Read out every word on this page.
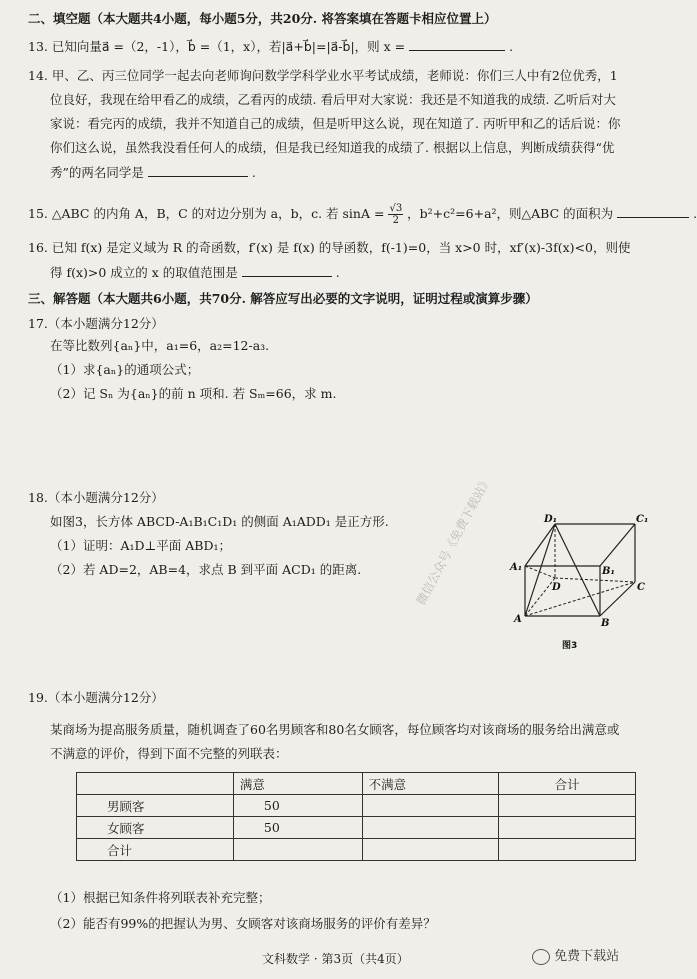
二、填空题（本大题共4小题，每小题5分，共20分. 将答案填在答题卡相应位置上）
13. 已知向量a⃗ =（2，-1），b⃗ =（1，x），若|a⃗+b⃗|=|a⃗-b⃗|，则 x =	.
14. 甲、乙、丙三位同学一起去向老师询问数学学科学业水平考试成绩，老师说：你们三人中有2位优秀，1
位良好，我现在给甲看乙的成绩，乙看丙的成绩. 看后甲对大家说：我还是不知道我的成绩. 乙听后对大
家说：看完丙的成绩，我并不知道自己的成绩，但是听甲这么说，现在知道了. 丙听甲和乙的话后说：你
你们这么说，虽然我没看任何人的成绩，但是我已经知道我的成绩了. 根据以上信息，判断成绩获得“优
秀”的两名同学是	.
15. △ABC 的内角 A，B，C 的对边分别为 a，b，c. 若 $\sin A = \frac{√3}{2}$ ，b²+c²=6+a²，则△ABC 的面积为	.
16. 已知 f(x) 是定义域为 R 的奇函数，f′(x) 是 f(x) 的导函数，f(-1)=0，当 x>0 时，xf′(x)-3f(x)<0，则使
得 f(x)>0 成立的 x 的取值范围是	.
三、解答题（本大题共6小题，共70分. 解答应写出必要的文字说明，证明过程或演算步骤）
17.（本小题满分12分）
在等比数列{aₙ}中，a₁=6，a₂=12-a₃.
（1）求{aₙ}的通项公式；
（2）记 Sₙ 为{aₙ}的前 n 项和. 若 Sₘ=66，求 m.
18.（本小题满分12分）
如图3，长方体 ABCD-A₁B₁C₁D₁ 的侧面 A₁ADD₁ 是正方形.
（1）证明：A₁D⊥平面 ABD₁；
（2）若 AD=2，AB=4，求点 B 到平面 ACD₁ 的距离.	微信公众号《免费下载站》	D₁	C₁
A₁	B₁
D	C
A	B
图3
19.（本小题满分12分）
某商场为提高服务质量，随机调查了60名男顾客和80名女顾客，每位顾客均对该商场的服务给出满意或
不满意的评价，得到下面不完整的列联表：
	满意	不满意	合计
男顾客	50		
女顾客	50		
合计			
（1）根据已知条件将列联表补充完整；
（2）能否有99%的把握认为男、女顾客对该商场服务的评价有差异？
文科数学 · 第3页（共4页）	免费下载站
